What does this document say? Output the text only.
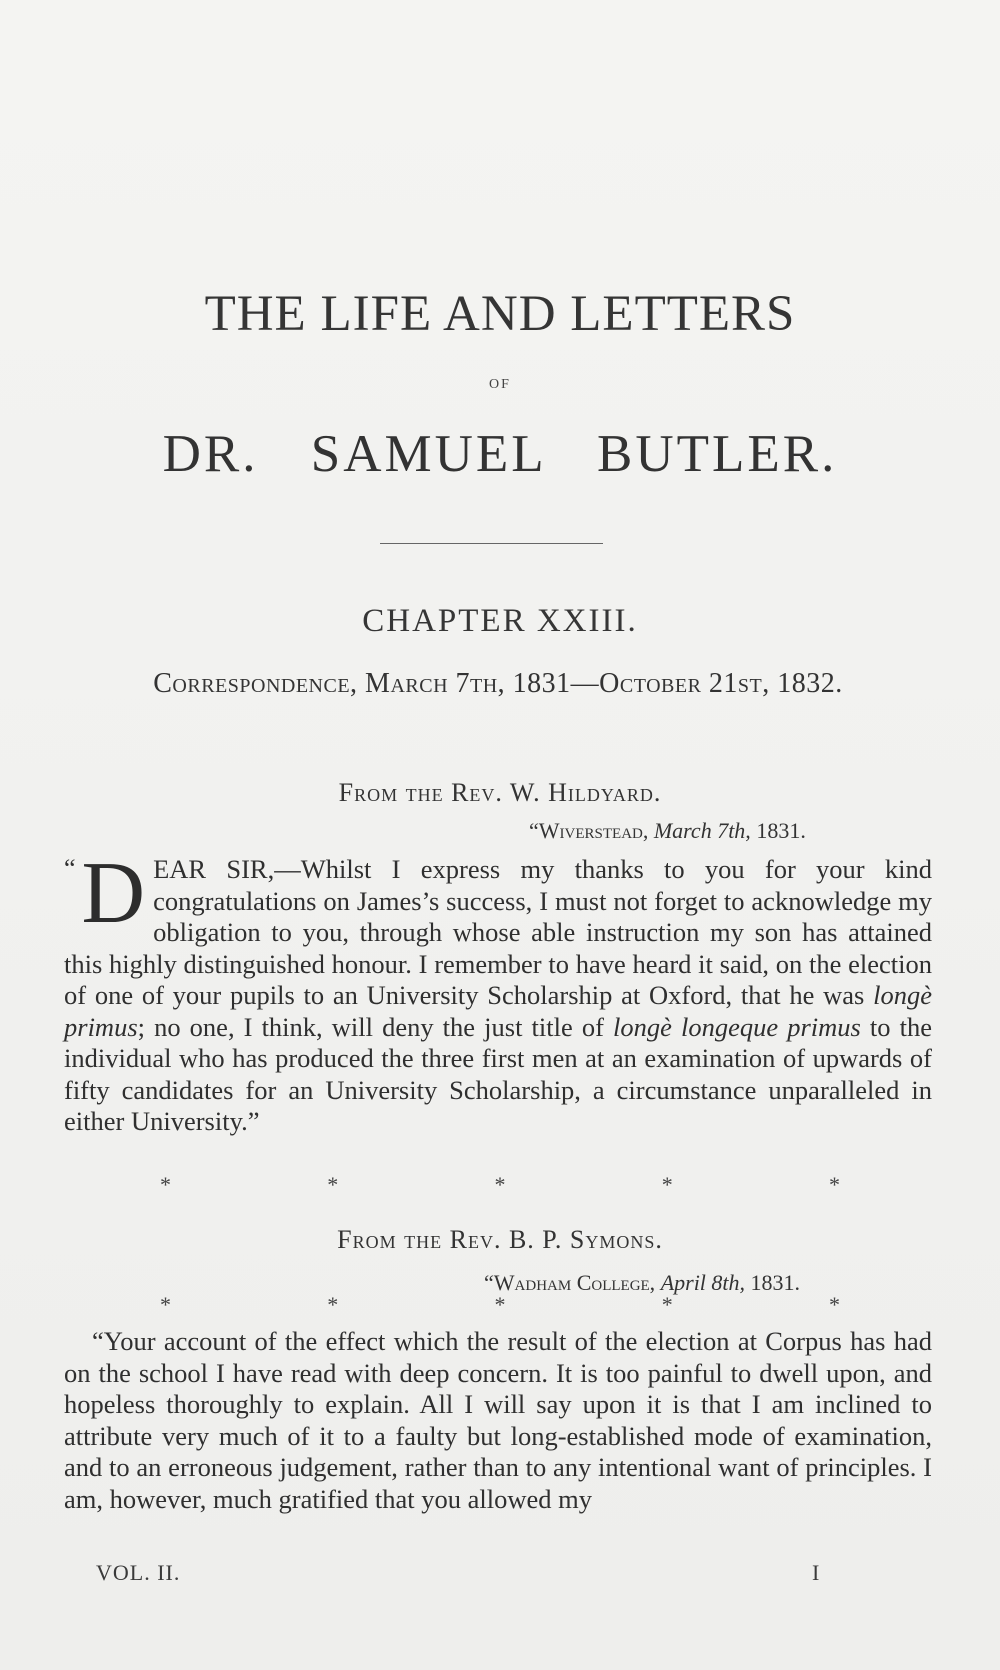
THE LIFE AND LETTERS
OF
DR. SAMUEL BUTLER.
CHAPTER XXIII.
Correspondence, March 7th, 1831—October 21st, 1832.
From the Rev. W. Hildyard.
“Wiverstead, March 7th, 1831.
“ D EAR SIR,—Whilst I express my thanks to you for your kind congratulations on James’s success, I must not forget to acknowledge my obligation to you, through whose able instruction my son has attained this highly distinguished honour. I remember to have heard it said, on the election of one of your pupils to an University Scholarship at Oxford, that he was longè primus; no one, I think, will deny the just title of longè longeque primus to the individual who has produced the three first men at an examination of upwards of fifty candidates for an University Scholarship, a circumstance unparalleled in either University.”
*	*	*	*	*
From the Rev. B. P. Symons.
“Wadham College, April 8th, 1831.
*	*	*	*	*
“Your account of the effect which the result of the election at Corpus has had on the school I have read with deep concern. It is too painful to dwell upon, and hopeless thoroughly to explain. All I will say upon it is that I am inclined to attribute very much of it to a faulty but long-established mode of examination, and to an erroneous judgement, rather than to any intentional want of principles. I am, however, much gratified that you allowed my
VOL. II.	I
